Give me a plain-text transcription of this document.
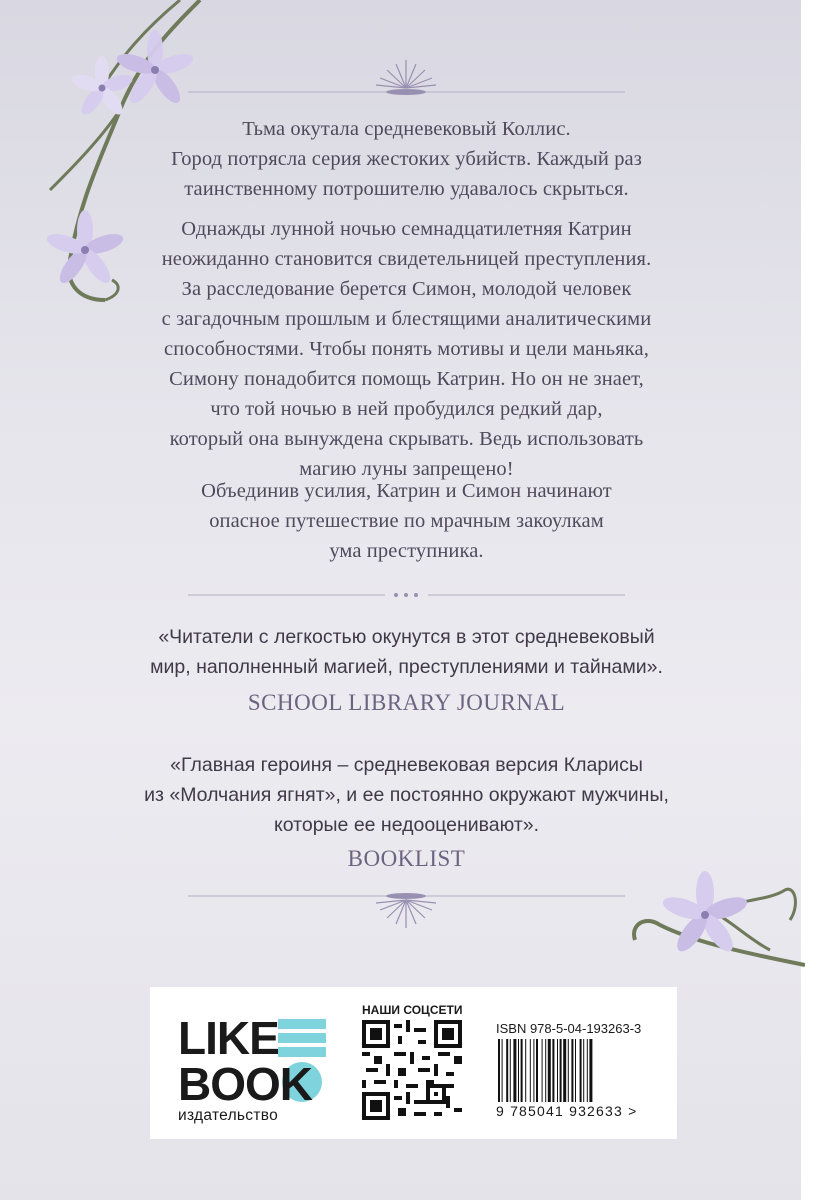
Тьма окутала средневековый Коллис.

Город потрясла серия жестоких убийств. Каждый раз

таинственному потрошителю удавалось скрыться.

Однажды лунной ночью семнадцатилетняя Катрин

неожиданно становится свидетельницей преступления.

За расследование берется Симон, молодой человек

с загадочным прошлым и блестящими аналитическими

способностями. Чтобы понять мотивы и цели маньяка,

Симону понадобится помощь Катрин. Но он не знает,

что той ночью в ней пробудился редкий дар,

который она вынуждена скрывать. Ведь использовать

магию луны запрещено!

Объединив усилия, Катрин и Симон начинают

опасное путешествие по мрачным закоулкам

ума преступника.

«Читатели с легкостью окунутся в этот средневековый
мир, наполненный магией, преступлениями и тайнами».
SCHOOL LIBRARY JOURNAL
«Главная героиня – средневековая версия Кларисы
из «Молчания ягнят», и ее постоянно окружают мужчины,
которые ее недооценивают».
BOOKLIST
LIKE
BOOK
издательство
НАШИ СОЦСЕТИ
ISBN 978-5-04-193263-3
9 785041 932633 >
